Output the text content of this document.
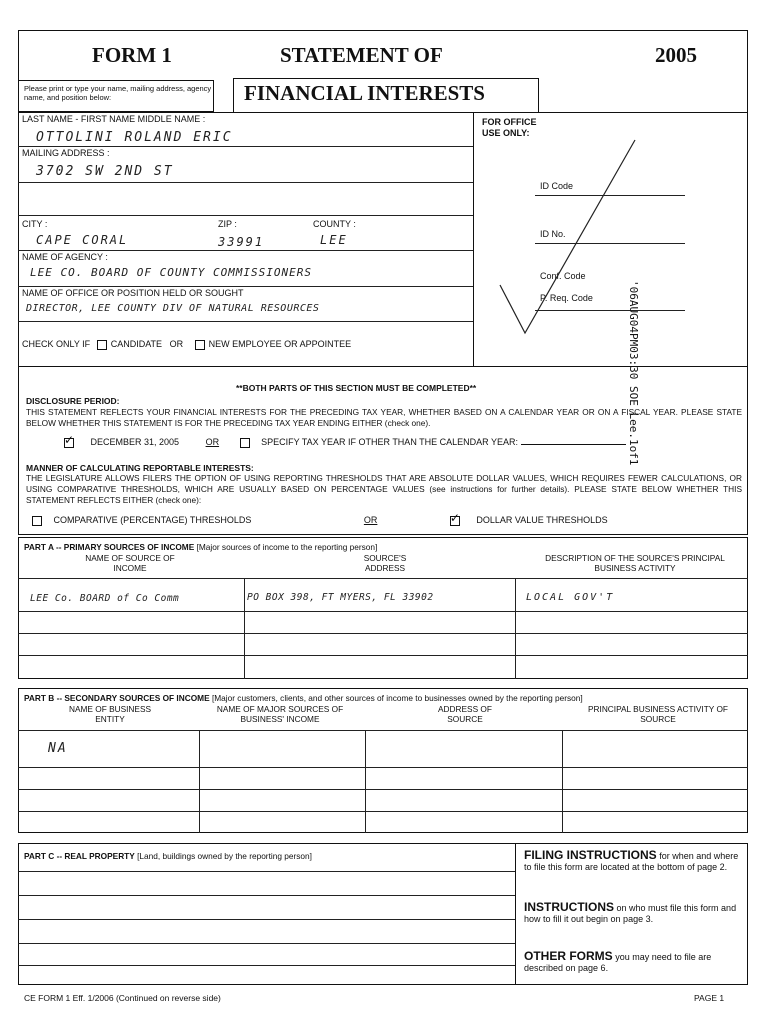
FORM 1	STATEMENT OF	2005
Please print or type your name, mailing address, agency name, and position below:	FINANCIAL INTERESTS
LAST NAME - FIRST NAME MIDDLE NAME :
OTTOLINI ROLAND ERIC
MAILING ADDRESS :
3702 SW 2ND ST
CITY :	ZIP :	COUNTY :
CAPE CORAL	33991	LEE
NAME OF AGENCY :
LEE CO. BOARD OF COUNTY COMMISSIONERS
NAME OF OFFICE OR POSITION HELD OR SOUGHT
DIRECTOR, LEE COUNTY DIV OF NATURAL RESOURCES
CHECK ONLY IF CANDIDATE OR	NEW EMPLOYEE OR APPOINTEE
FOR OFFICE USE ONLY:
ID Code
ID No.
Conf. Code
P. Req. Code	'06AUG04PM03:30 SOE Lee.1of1
**BOTH PARTS OF THIS SECTION MUST BE COMPLETED**
DISCLOSURE PERIOD:
THIS STATEMENT REFLECTS YOUR FINANCIAL INTERESTS FOR THE PRECEDING TAX YEAR, WHETHER BASED ON A CALENDAR YEAR OR ON A FISCAL YEAR. PLEASE STATE BELOW WHETHER THIS STATEMENT IS FOR THE PRECEDING TAX YEAR ENDING EITHER (check one).
✓     DECEMBER 31, 2005	OR	SPECIFY TAX YEAR IF OTHER THAN THE CALENDAR YEAR:
MANNER OF CALCULATING REPORTABLE INTERESTS:
THE LEGISLATURE ALLOWS FILERS THE OPTION OF USING REPORTING THRESHOLDS THAT ARE ABSOLUTE DOLLAR VALUES, WHICH REQUIRES FEWER CALCULATIONS, OR USING COMPARATIVE THRESHOLDS, WHICH ARE USUALLY BASED ON PERCENTAGE VALUES (see instructions for further details). PLEASE STATE BELOW WHETHER THIS STATEMENT REFLECTS EITHER (check one):
COMPARATIVE (PERCENTAGE) THRESHOLDS	OR ✓	DOLLAR VALUE THRESHOLDS
PART A -- PRIMARY SOURCES OF INCOME [Major sources of income to the reporting person]
NAME OF SOURCE OF INCOME
SOURCE'S ADDRESS
DESCRIPTION OF THE SOURCE'S PRINCIPAL BUSINESS ACTIVITY
LEE Co. BOARD of Co Comm	PO BOX 398, FT MYERS, FL 33902	LOCAL GOV'T
PART B -- SECONDARY SOURCES OF INCOME [Major customers, clients, and other sources of income to businesses owned by the reporting person]
NAME OF BUSINESS ENTITY
NAME OF MAJOR SOURCES OF BUSINESS' INCOME
ADDRESS OF SOURCE
PRINCIPAL BUSINESS ACTIVITY OF SOURCE
NA
PART C -- REAL PROPERTY [Land, buildings owned by the reporting person]	FILING INSTRUCTIONS for when and where to file this form are located at the bottom of page 2.
INSTRUCTIONS on who must file this form and how to fill it out begin on page 3.
OTHER FORMS you may need to file are described on page 6.
CE FORM 1 Eff. 1/2006 (Continued on reverse side)	PAGE 1
